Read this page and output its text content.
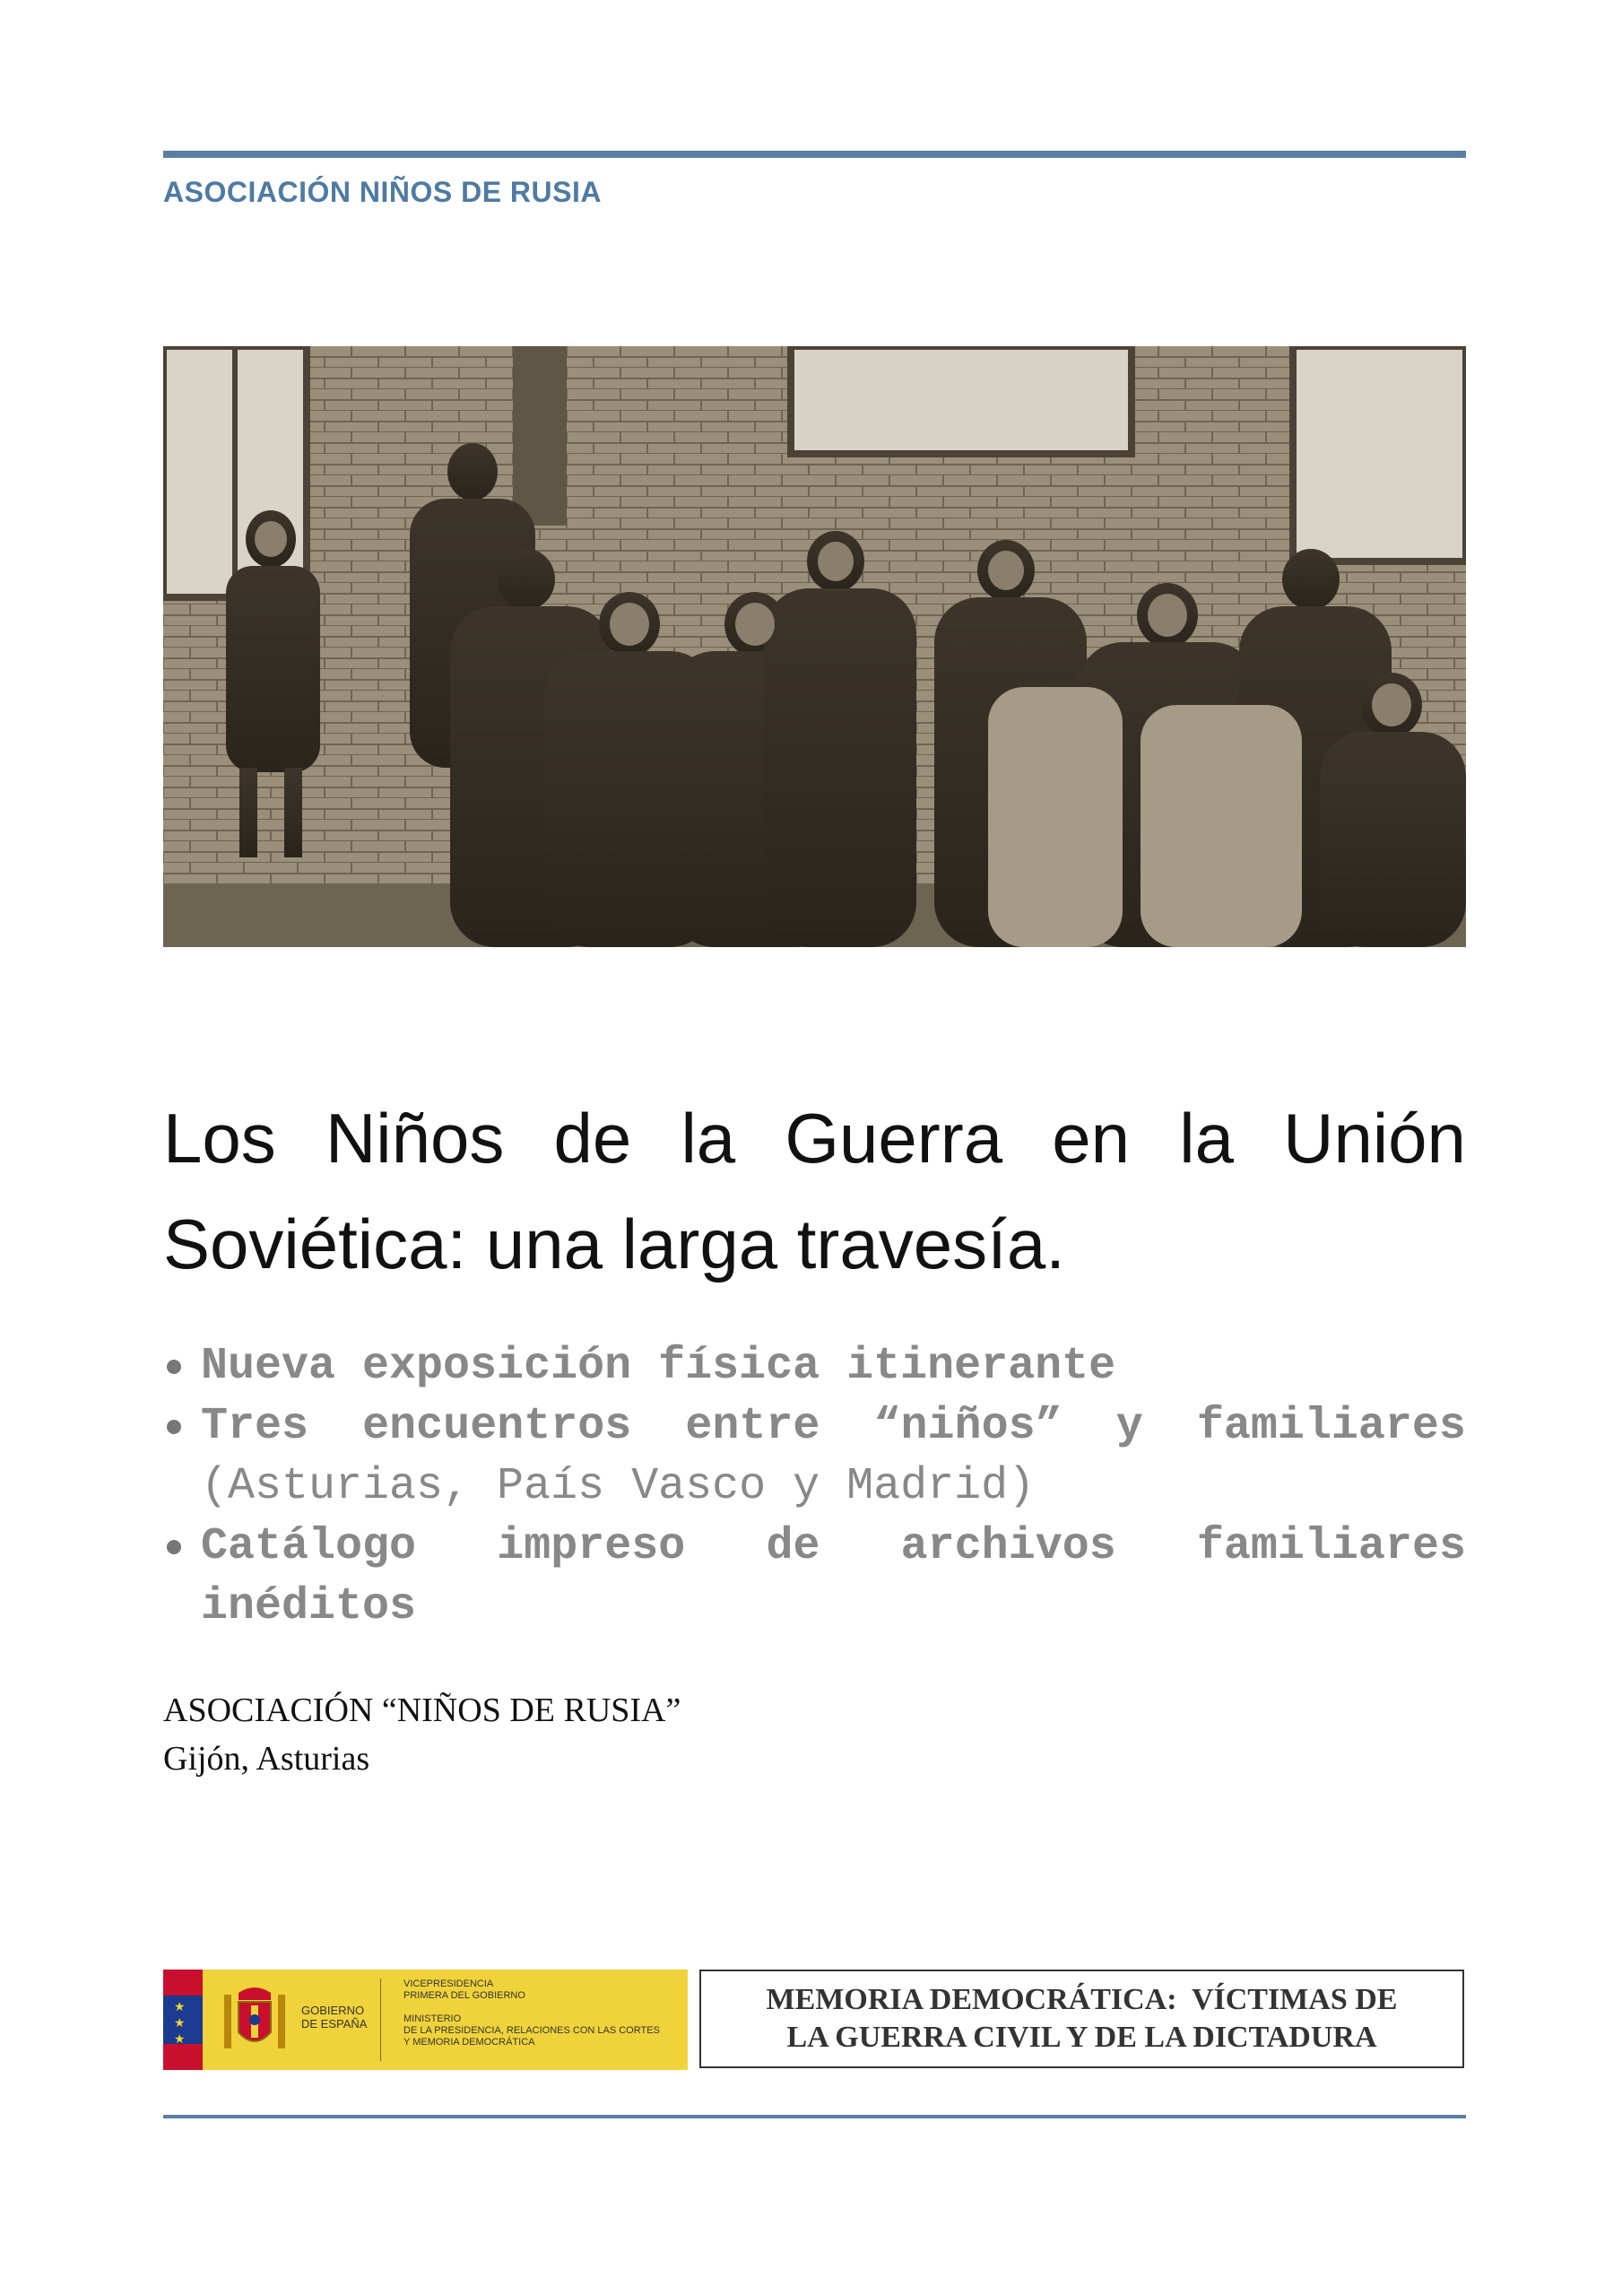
ASOCIACIÓN NIÑOS DE RUSIA
Los Niños de la Guerra en la Unión
Soviética: una larga travesía.
Nueva exposición física itinerante
Tres encuentros entre “niños” y familiares
(Asturias, País Vasco y Madrid)
Catálogo impreso de archivos familiares
inéditos
ASOCIACIÓN “NIÑOS DE RUSIA”
Gijón, Asturias
★
★
★
GOBIERNO
DE ESPAÑA
VICEPRESIDENCIA
PRIMERA DEL GOBIERNO
MINISTERIO
DE LA PRESIDENCIA, RELACIONES CON LAS CORTES
Y MEMORIA DEMOCRÁTICA
MEMORIA DEMOCRÁTICA:  VÍCTIMAS DE
LA GUERRA CIVIL Y DE LA DICTADURA
